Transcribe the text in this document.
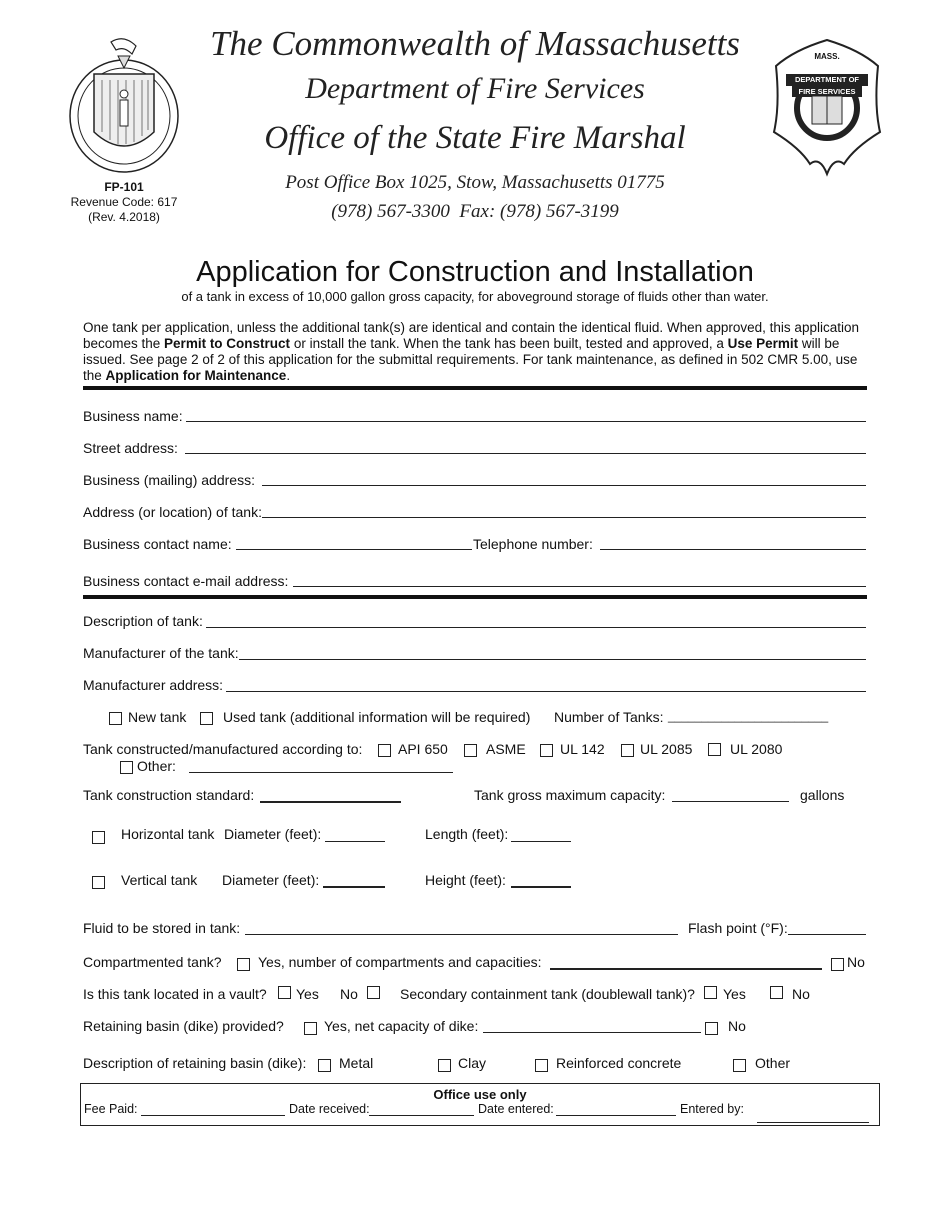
FP-101
Revenue Code: 617
(Rev. 4.2018)
The Commonwealth of Massachusetts
Department of Fire Services
Office of the State Fire Marshal
Post Office Box 1025, Stow, Massachusetts 01775
(978) 567-3300  Fax: (978) 567-3199
MASS.
DEPARTMENT OF
FIRE SERVICES
Application for Construction and Installation
of a tank in excess of 10,000 gallon gross capacity, for aboveground storage of fluids other than water.
One tank per application, unless the additional tank(s) are identical and contain the identical fluid. When approved, this application becomes the Permit to Construct or install the tank. When the tank has been built, tested and approved, a Use Permit will be issued. See page 2 of 2 of this application for the submittal requirements. For tank maintenance, as defined in 502 CMR 5.00, use the Application for Maintenance.
Business name:
Street address:
Business (mailing) address:
Address (or location) of tank:
Business contact name:	Telephone number:
Business contact e-mail address:
Description of tank:
Manufacturer of the tank:
Manufacturer address:
New tank	Used tank (additional information will be required) Number of Tanks: ________________________
Tank constructed/manufactured according to:	API 650	ASME UL 142	UL 2085	UL 2080
Other:
Tank construction standard:	Tank gross maximum capacity:	gallons
Horizontal tank Diameter (feet):	Length (feet):
Vertical tank Diameter (feet):	Height (feet):
Fluid to be stored in tank:	Flash point (°F):
Compartmented tank?	Yes, number of compartments and capacities:	No
Is this tank located in a vault? Yes No	Secondary containment tank (doublewall tank)? Yes	No
Retaining basin (dike) provided?	Yes, net capacity of dike:	No
Description of retaining basin (dike): Metal	Clay	Reinforced concrete	Other
Office use only
Fee Paid:	Date received:	Date entered:	Entered by:
